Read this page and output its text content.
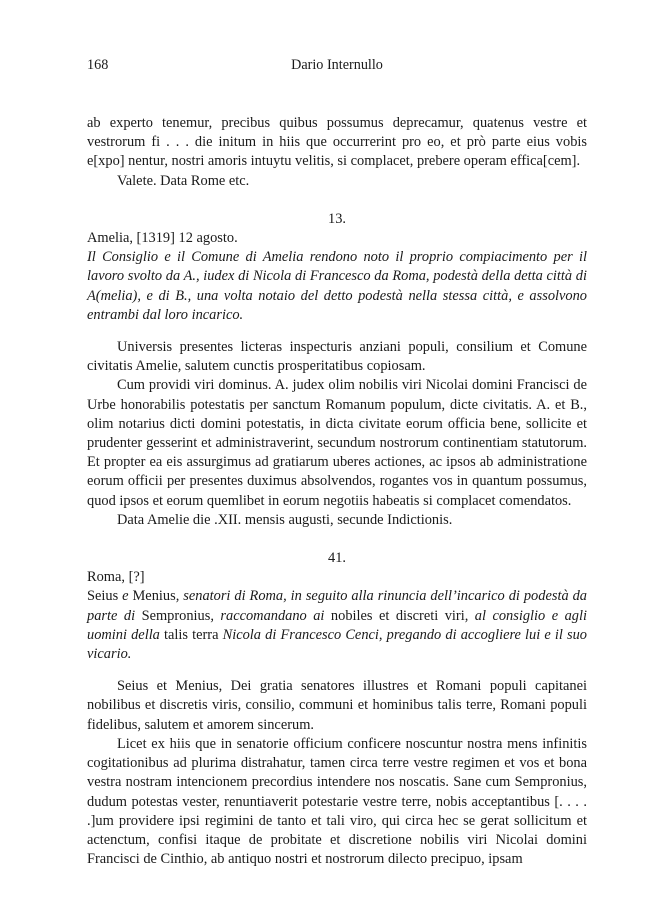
168	Dario Internullo

ab experto tenemur, precibus quibus possumus deprecamur, quatenus vestre et vestrorum fi . . . die initum in hiis que occurrerint pro eo, et prò parte eius vobis e[xpo] nentur, nostri amoris intuytu velitis, si complacet, prebere operam effica[cem].

Valete. Data Rome etc.

13.

Amelia, [1319] 12 agosto.

Il Consiglio e il Comune di Amelia rendono noto il proprio compiacimento per il lavoro svolto da A., iudex di Nicola di Francesco da Roma, podestà della detta città di A(melia), e di B., una volta notaio del detto podestà nella stessa città, e assolvono entrambi dal loro incarico.

Universis presentes licteras inspecturis anziani populi, consilium et Comune civitatis Amelie, salutem cunctis prosperitatibus copiosam.

Cum providi viri dominus. A. judex olim nobilis viri Nicolai domini Francisci de Urbe honorabilis potestatis per sanctum Romanum populum, dicte civitatis. A. et B., olim notarius dicti domini potestatis, in dicta civitate eorum officia bene, sollicite et prudenter gesserint et administraverint, secundum nostrorum continentiam statutorum. Et propter ea eis assurgimus ad gratiarum uberes actiones, ac ipsos ab administratione eorum officii per presentes duximus absolvendos, rogantes vos in quantum possumus, quod ipsos et eorum quemlibet in eorum negotiis habeatis si complacet comendatos.

Data Amelie die .XII. mensis augusti, secunde Indictionis.

41.

Roma, [?]

Seius e Menius, senatori di Roma, in seguito alla rinuncia dell’incarico di podestà da parte di Sempronius, raccomandano ai nobiles et discreti viri, al consiglio e agli uomini della talis terra Nicola di Francesco Cenci, pregando di accogliere lui e il suo vicario.

Seius et Menius, Dei gratia senatores illustres et Romani populi capitanei nobilibus et discretis viris, consilio, communi et hominibus talis terre, Romani populi fidelibus, salutem et amorem sincerum.

Licet ex hiis que in senatorie officium conficere noscuntur nostra mens infinitis cogitationibus ad plurima distrahatur, tamen circa terre vestre regimen et vos et bona vestra nostram intencionem precordius intendere nos noscatis. Sane cum Sempronius, dudum potestas vester, renuntiaverit potestarie vestre terre, nobis acceptantibus [. . . . .]um providere ipsi regimini de tanto et tali viro, qui circa hec se gerat sollicitum et actenctum, confisi itaque de probitate et discretione nobilis viri Nicolai domini Francisci de Cinthio, ab antiquo nostri et nostrorum dilecto precipuo, ipsam
